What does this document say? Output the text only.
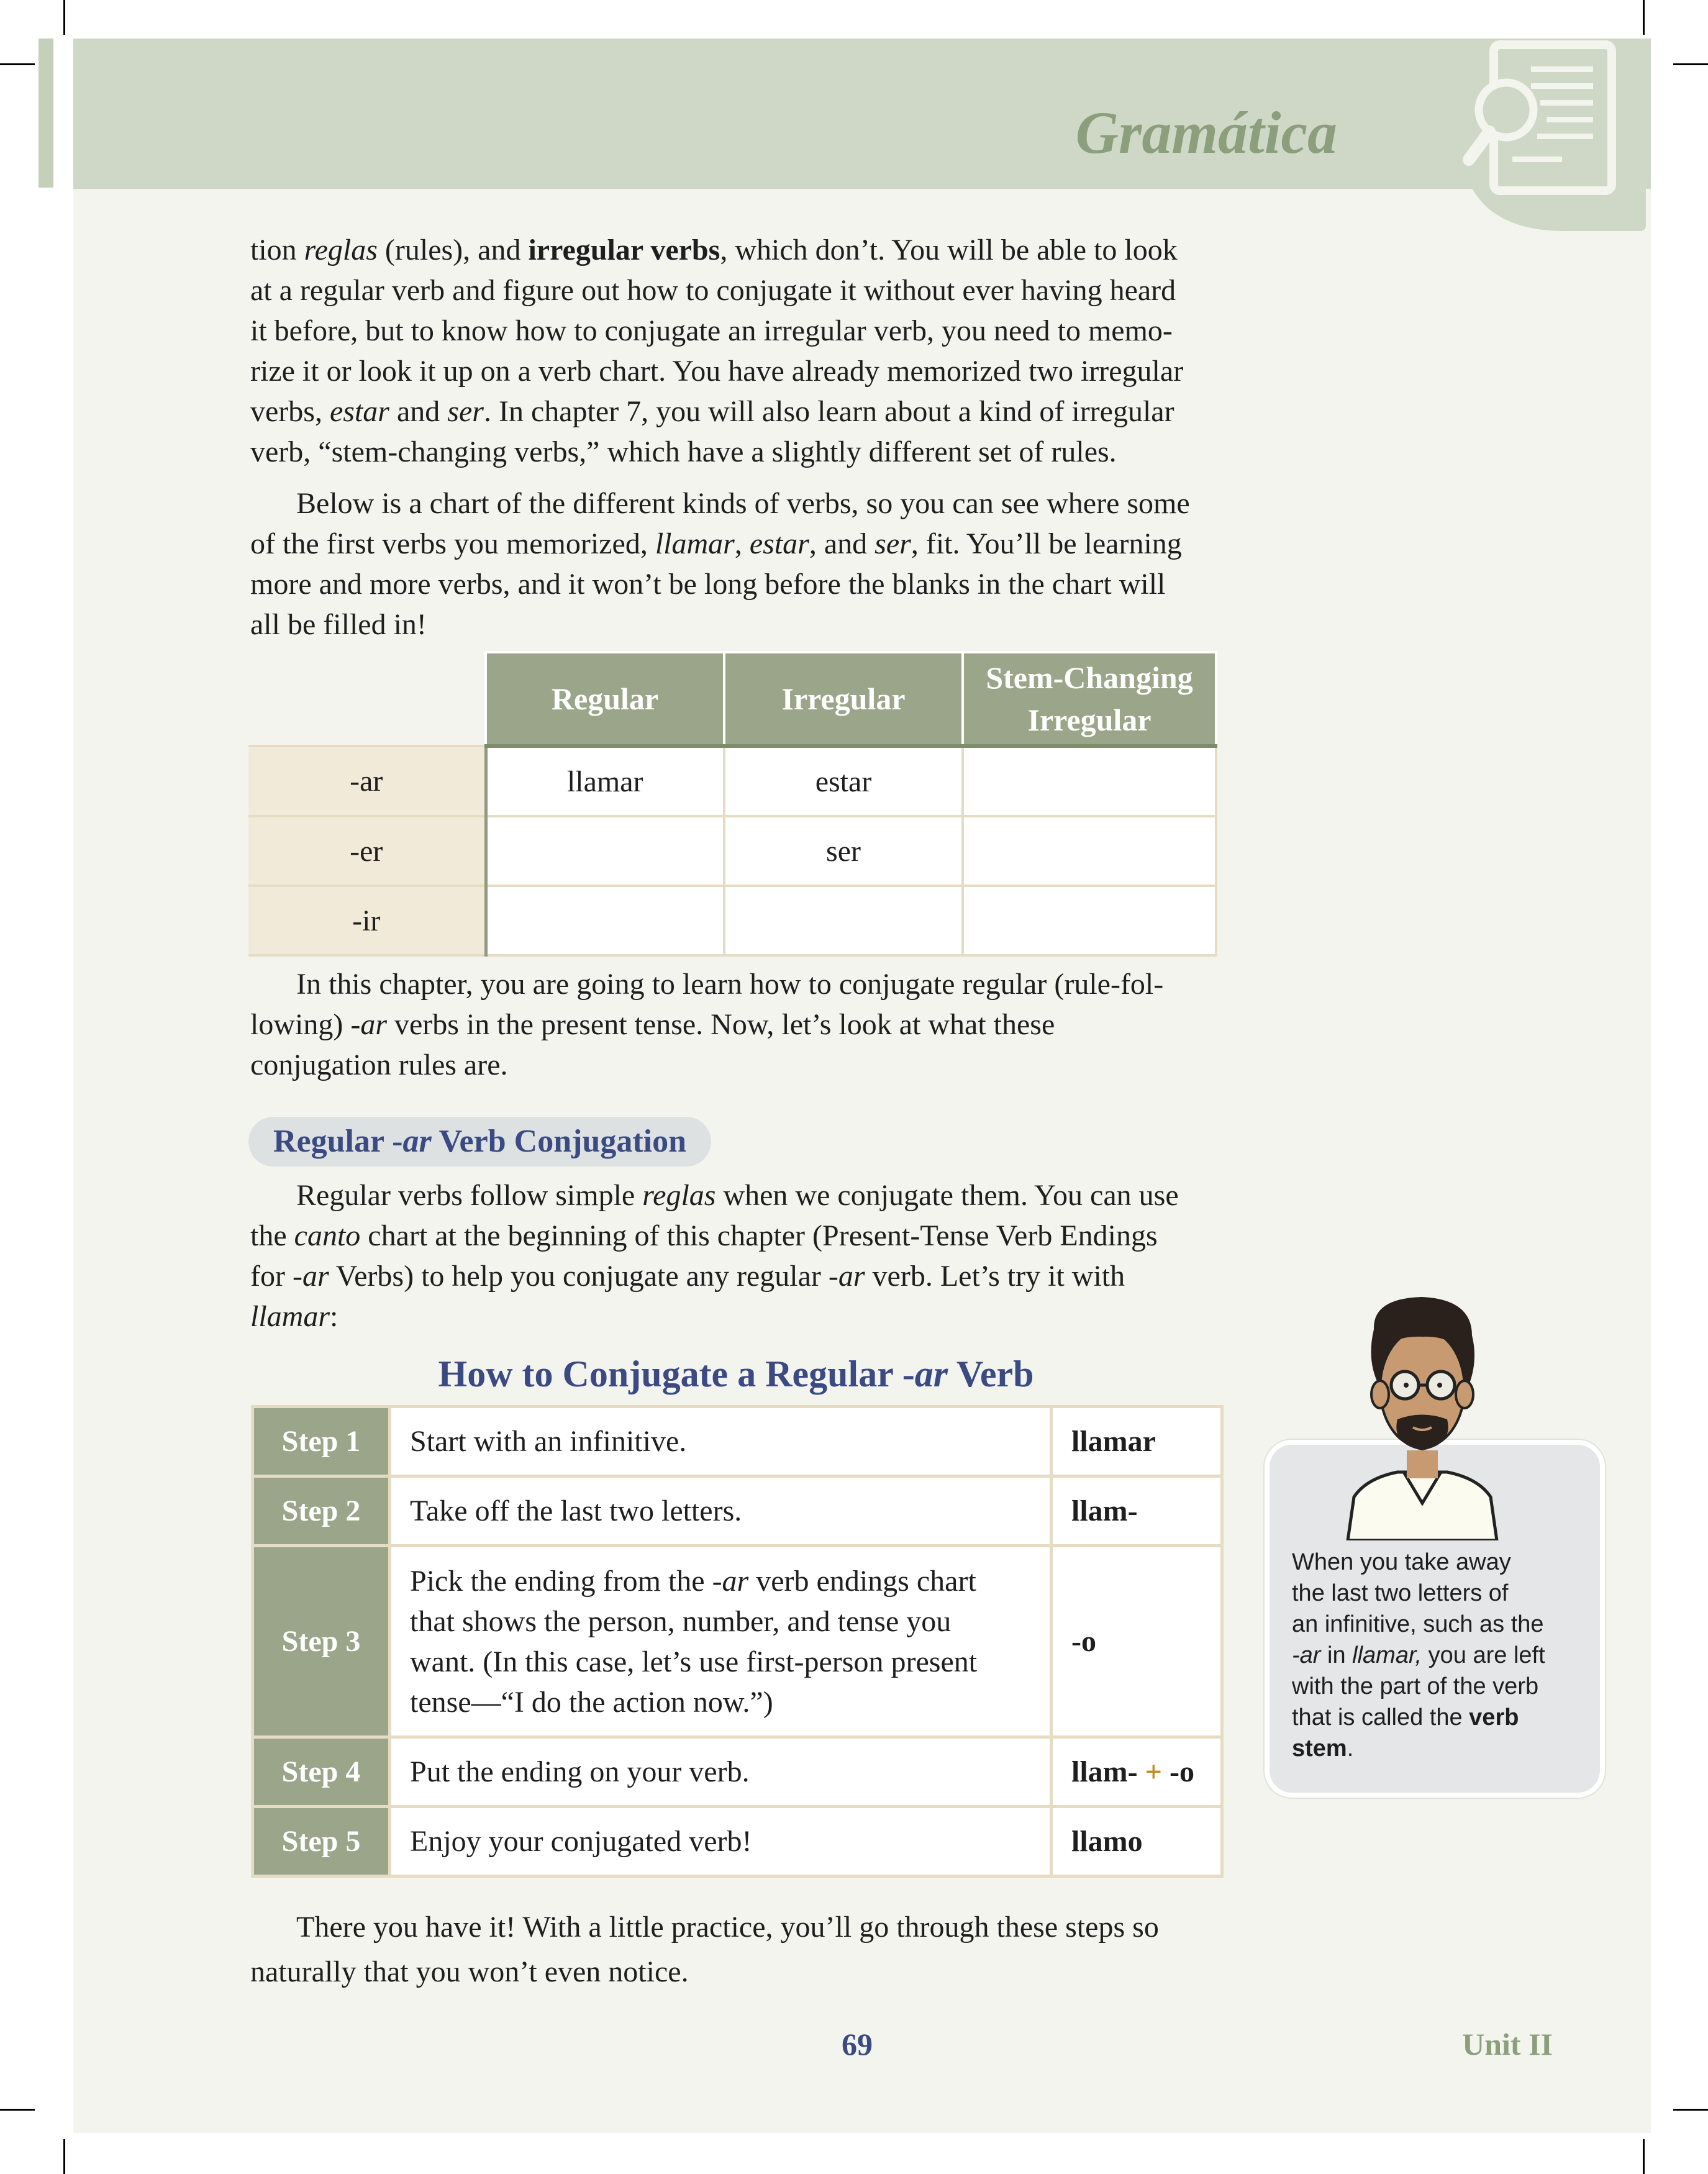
Gramática

tion reglas (rules), and irregular verbs, which don’t. You will be able to look
at a regular verb and figure out how to conjugate it without ever having heard
it before, but to know how to conjugate an irregular verb, you need to memo-
rize it or look it up on a verb chart. You have already memorized two irregular
verbs, estar and ser. In chapter 7, you will also learn about a kind of irregular
verb, “stem-changing verbs,” which have a slightly different set of rules.

Below is a chart of the different kinds of verbs, so you can see where some
of the first verbs you memorized, llamar, estar, and ser, fit. You’ll be learning
more and more verbs, and it won’t be long before the blanks in the chart will
all be filled in!

	Regular	Irregular	Stem-Changing Irregular
-ar	llamar	estar	
-er		ser	
-ir			

In this chapter, you are going to learn how to conjugate regular (rule-fol-
lowing) -ar verbs in the present tense. Now, let’s look at what these
conjugation rules are.

Regular -ar Verb Conjugation

Regular verbs follow simple reglas when we conjugate them. You can use
the canto chart at the beginning of this chapter (Present-Tense Verb Endings
for -ar Verbs) to help you conjugate any regular -ar verb. Let’s try it with
llamar:

How to Conjugate a Regular -ar Verb
Step 1	Start with an infinitive.	llamar
Step 2	Take off the last two letters.	llam-
Step 3	Pick the ending from the -ar verb endings chart
that shows the person, number, and tense you
want. (In this case, let’s use first-person present
tense—“I do the action now.”)	-o
Step 4	Put the ending on your verb.	llam- + -o
Step 5	Enjoy your conjugated verb!	llamo
When you take away
the last two letters of
an infinitive, such as the
-ar in llamar, you are left
with the part of the verb
that is called the verb
stem.

There you have it! With a little practice, you’ll go through these steps so
naturally that you won’t even notice.

69	Unit II
